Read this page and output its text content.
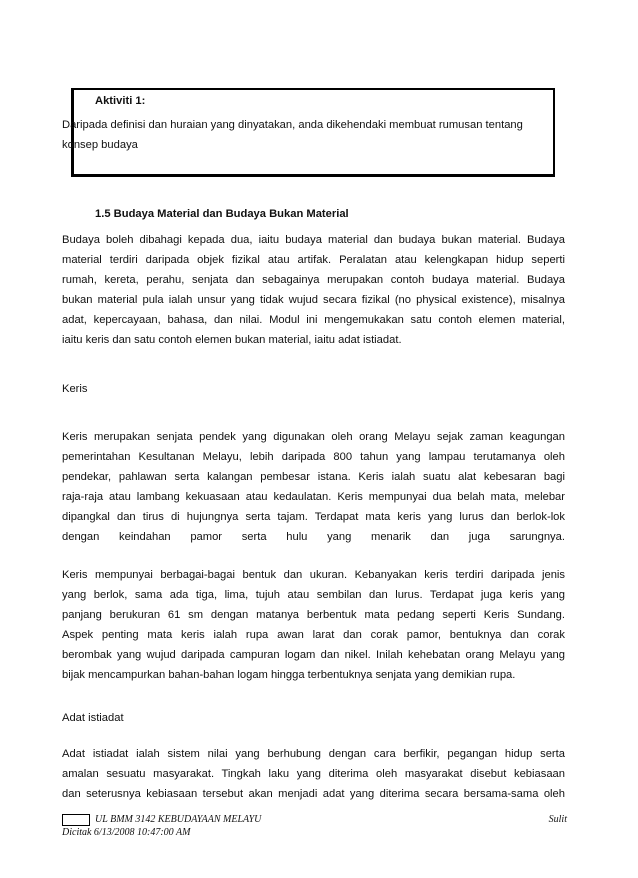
Aktiviti 1:
Daripada definisi dan huraian yang dinyatakan, anda dikehendaki membuat rumusan tentang
konsep budaya
1.5 Budaya Material dan Budaya Bukan Material
Budaya boleh dibahagi kepada dua, iaitu budaya material dan budaya bukan material. Budaya
material terdiri daripada objek fizikal atau artifak. Peralatan atau kelengkapan hidup seperti
rumah, kereta, perahu, senjata dan sebagainya merupakan contoh budaya material. Budaya
bukan material pula ialah unsur yang tidak wujud secara fizikal (no physical existence), misalnya
adat, kepercayaan, bahasa, dan nilai. Modul ini mengemukakan satu contoh elemen material,
iaitu keris dan satu contoh elemen bukan material, iaitu adat istiadat.
Keris
Keris merupakan senjata pendek yang digunakan oleh orang Melayu sejak zaman keagungan
pemerintahan Kesultanan Melayu, lebih daripada 800 tahun yang lampau terutamanya oleh
pendekar, pahlawan serta kalangan pembesar istana. Keris ialah suatu alat kebesaran bagi
raja-raja atau lambang kekuasaan atau kedaulatan. Keris mempunyai dua belah mata, melebar
dipangkal dan tirus di hujungnya serta tajam. Terdapat mata keris yang lurus dan berlok-lok
dengan keindahan pamor serta hulu yang menarik dan juga sarungnya.
Keris mempunyai berbagai-bagai bentuk dan ukuran. Kebanyakan keris terdiri daripada jenis
yang berlok, sama ada tiga, lima, tujuh atau sembilan dan lurus. Terdapat juga keris yang
panjang berukuran 61 sm dengan matanya berbentuk mata pedang seperti Keris Sundang.
Aspek penting mata keris ialah rupa awan larat dan corak pamor, bentuknya dan corak
berombak yang wujud daripada campuran logam dan nikel. Inilah kehebatan orang Melayu yang
bijak mencampurkan bahan-bahan logam hingga terbentuknya senjata yang demikian rupa.
Adat istiadat
Adat istiadat ialah sistem nilai yang berhubung dengan cara berfikir, pegangan hidup serta
amalan sesuatu masyarakat. Tingkah laku yang diterima oleh masyarakat disebut kebiasaan
dan seterusnya kebiasaan tersebut akan menjadi adat yang diterima secara bersama-sama oleh
UL BMM 3142 KEBUDAYAAN MELAYU	Sulit
Dicitak 6/13/2008 10:47:00 AM
